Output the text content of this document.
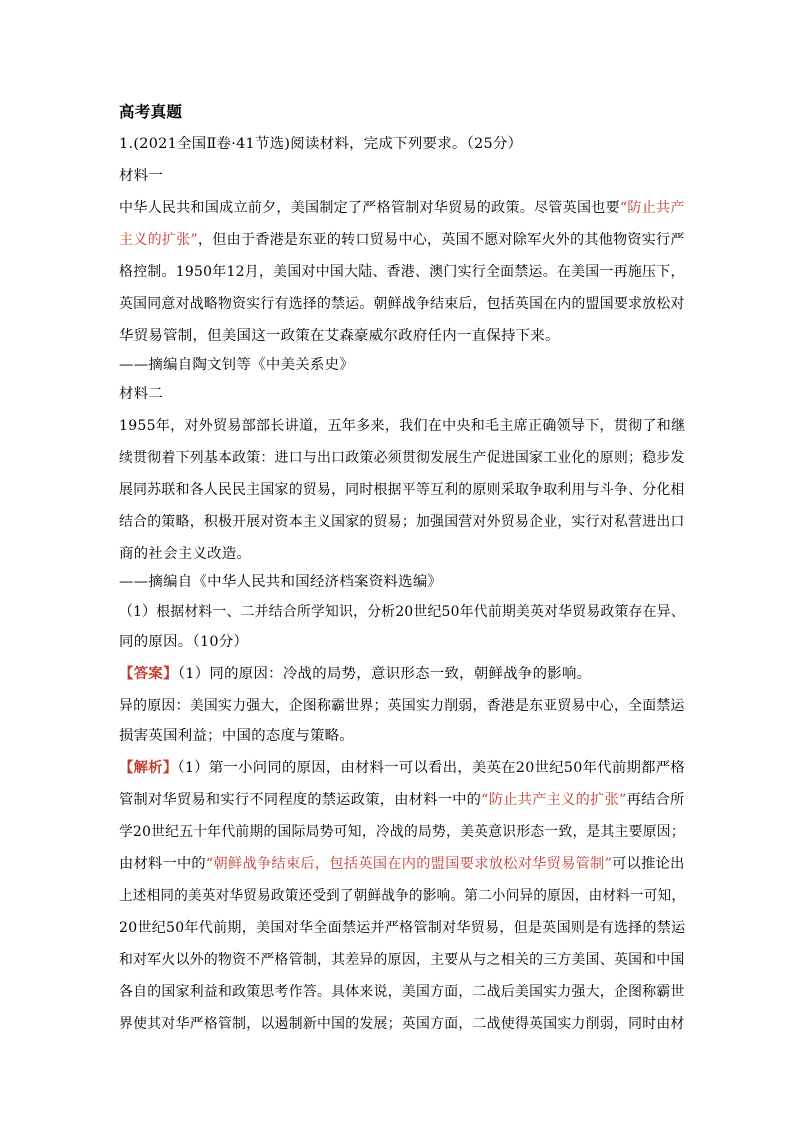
高考真题
1.(2021全国Ⅱ卷·41节选)阅读材料，完成下列要求。（25分）
材料一
中华人民共和国成立前夕，美国制定了严格管制对华贸易的政策。尽管英国也要“防止共产
主义的扩张”，但由于香港是东亚的转口贸易中心，英国不愿对除军火外的其他物资实行严
格控制。1950年12月，美国对中国大陆、香港、澳门实行全面禁运。在美国一再施压下，
英国同意对战略物资实行有选择的禁运。朝鲜战争结束后，包括英国在内的盟国要求放松对
华贸易管制，但美国这一政策在艾森豪威尔政府任内一直保持下来。
——摘编自陶文钊等《中美关系史》
材料二
1955年，对外贸易部部长讲道，五年多来，我们在中央和毛主席正确领导下，贯彻了和继
续贯彻着下列基本政策：进口与出口政策必须贯彻发展生产促进国家工业化的原则；稳步发
展同苏联和各人民民主国家的贸易，同时根据平等互利的原则采取争取利用与斗争、分化相
结合的策略，积极开展对资本主义国家的贸易；加强国营对外贸易企业，实行对私营进出口
商的社会主义改造。
——摘编自《中华人民共和国经济档案资料选编》
（1）根据材料一、二并结合所学知识，分析20世纪50年代前期美英对华贸易政策存在异、
同的原因。（10分）
【答案】（1）同的原因：冷战的局势，意识形态一致，朝鲜战争的影响。
异的原因：美国实力强大，企图称霸世界；英国实力削弱，香港是东亚贸易中心，全面禁运
损害英国利益；中国的态度与策略。
【解析】（1）第一小问同的原因，由材料一可以看出，美英在20世纪50年代前期都严格
管制对华贸易和实行不同程度的禁运政策，由材料一中的“防止共产主义的扩张”再结合所
学20世纪五十年代前期的国际局势可知，冷战的局势，美英意识形态一致，是其主要原因；
由材料一中的“朝鲜战争结束后，包括英国在内的盟国要求放松对华贸易管制”可以推论出
上述相同的美英对华贸易政策还受到了朝鲜战争的影响。第二小问异的原因，由材料一可知，
20世纪50年代前期，美国对华全面禁运并严格管制对华贸易，但是英国则是有选择的禁运
和对军火以外的物资不严格管制，其差异的原因，主要从与之相关的三方美国、英国和中国
各自的国家利益和政策思考作答。具体来说，美国方面，二战后美国实力强大，企图称霸世
界使其对华严格管制，以遏制新中国的发展；英国方面，二战使得英国实力削弱，同时由材
